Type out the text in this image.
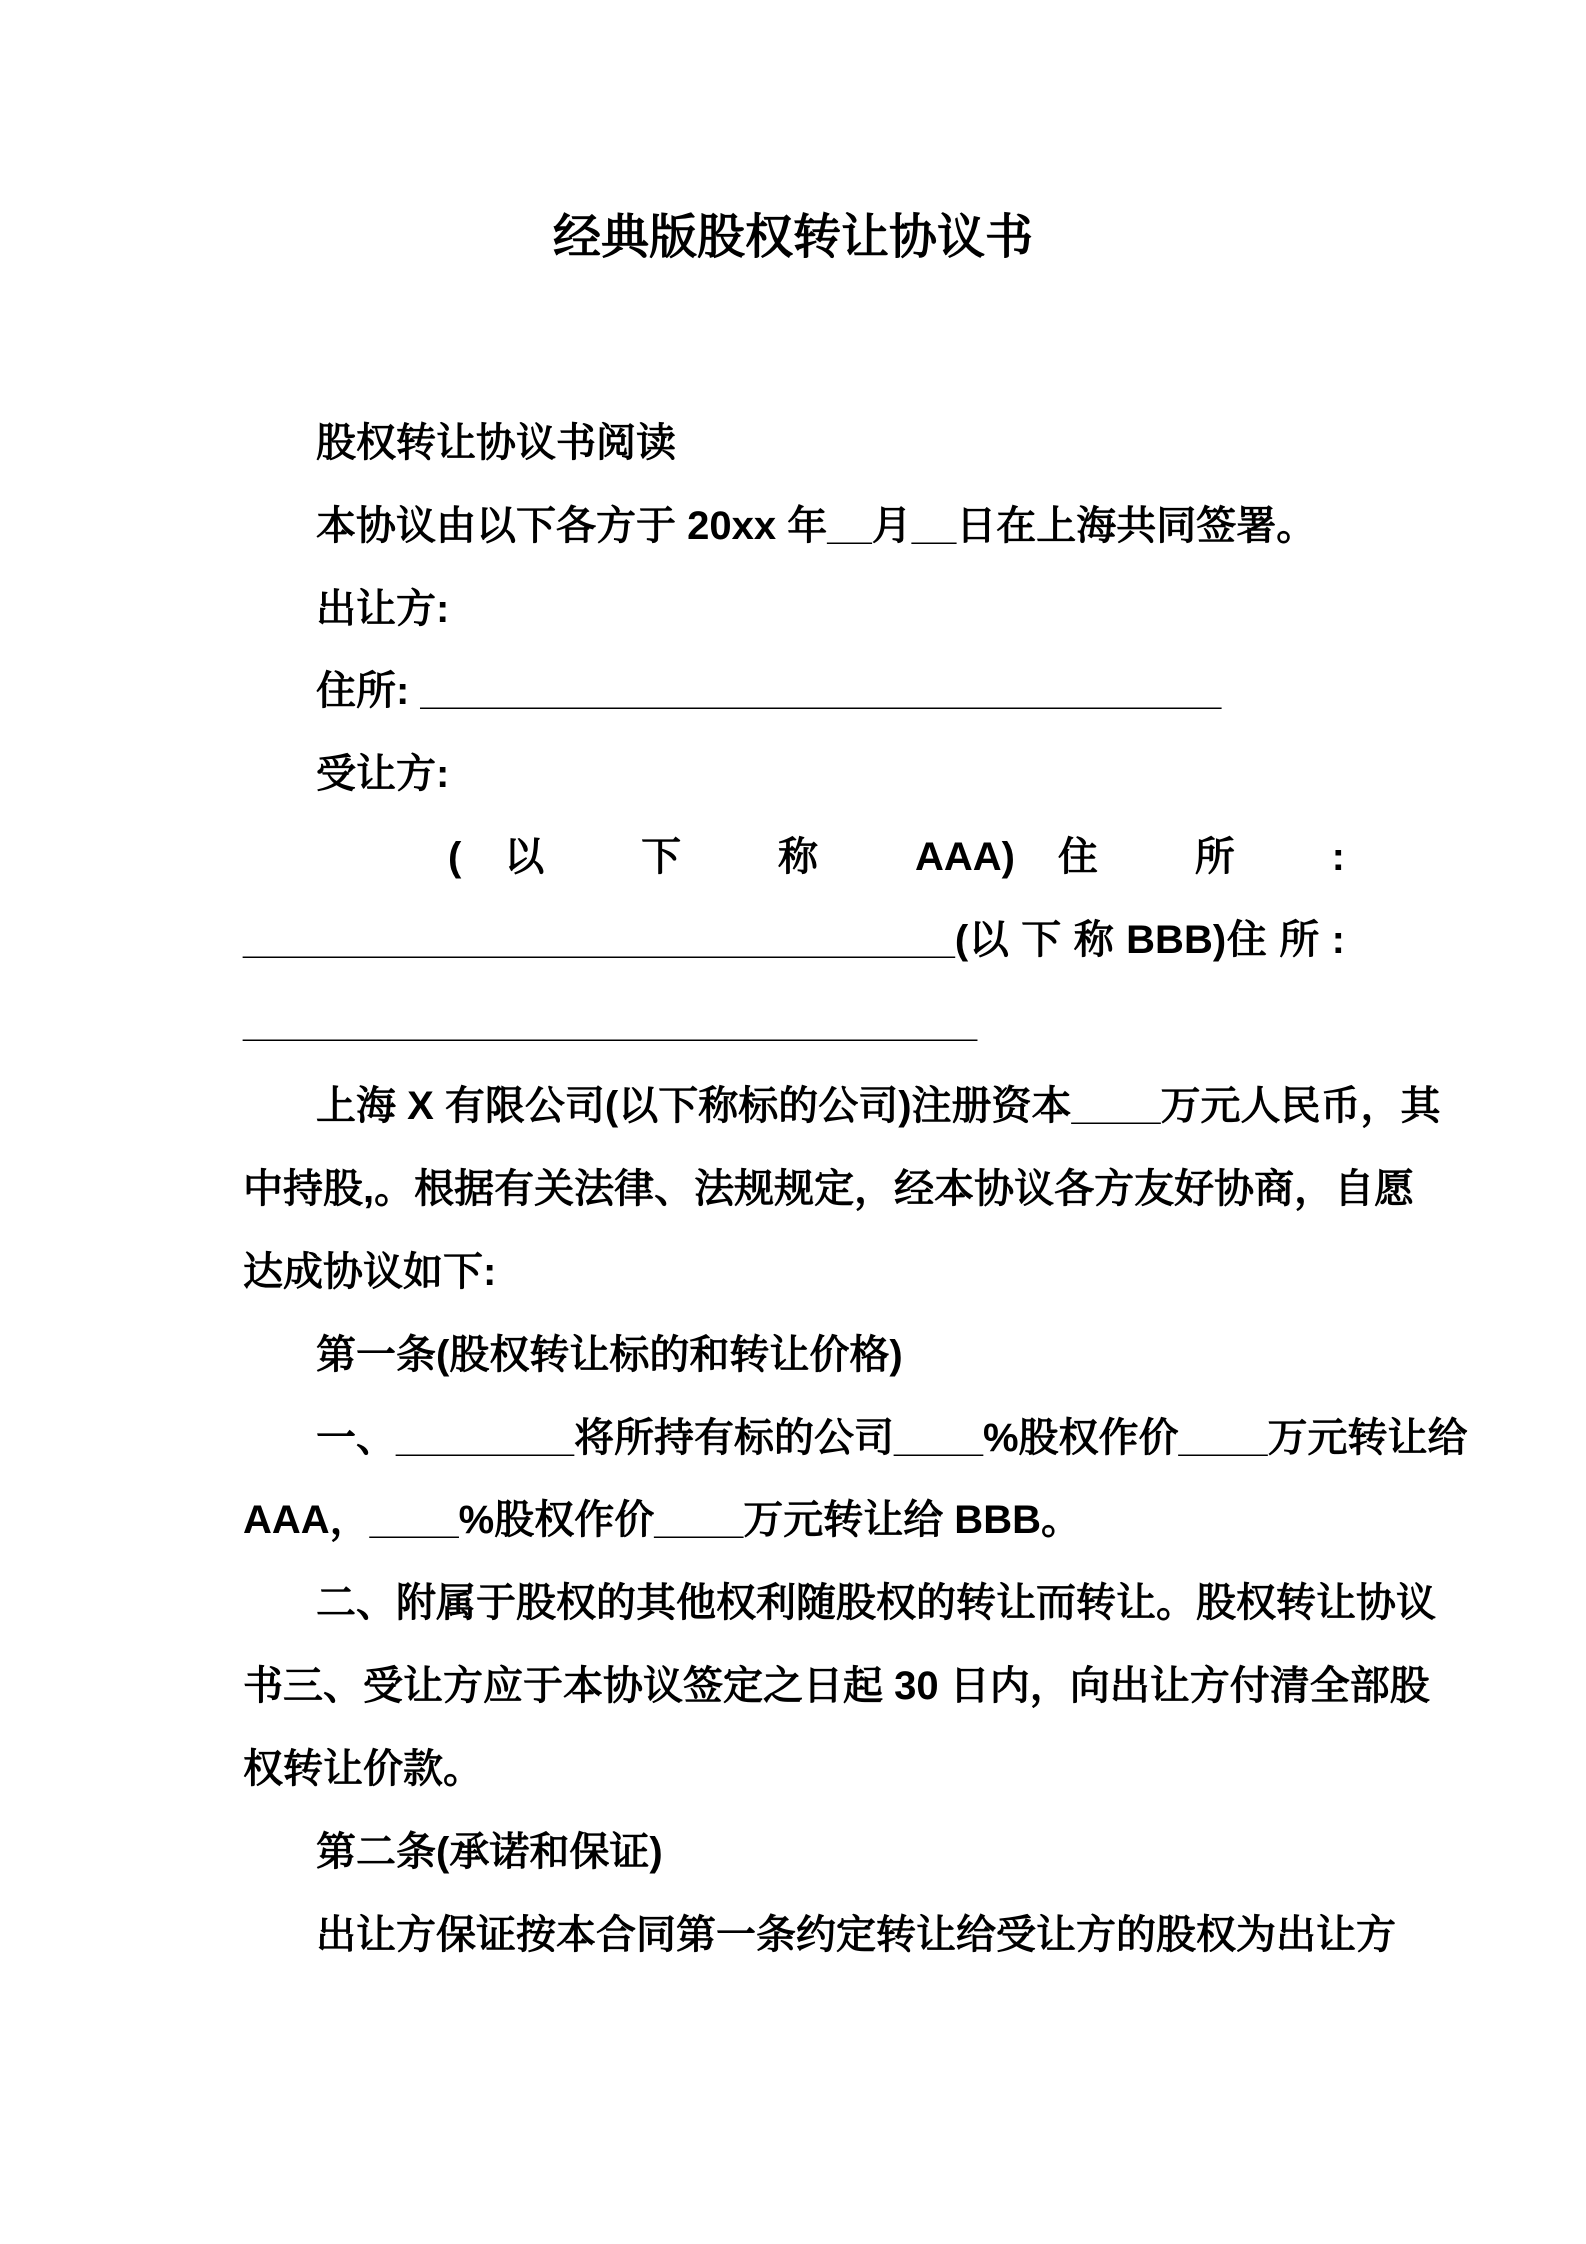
经典版股权转让协议书
股权转让协议书阅读
本协议由以下各方于 20xx 年__月__日在上海共同签署。
出让方:
住所: ____________________________________
受让方:
(以 下 称 AAA)住 所 :
________________________________(以 下 称 BBB)住 所 :
_________________________________
上海 X 有限公司(以下称标的公司)注册资本____万元人民币，其
中持股,。根据有关法律、法规规定，经本协议各方友好协商，自愿
达成协议如下:
第一条(股权转让标的和转让价格)
一、________将所持有标的公司____%股权作价____万元转让给
AAA，____%股权作价____万元转让给 BBB。
二、附属于股权的其他权利随股权的转让而转让。股权转让协议
书三、受让方应于本协议签定之日起 30 日内，向出让方付清全部股
权转让价款。
第二条(承诺和保证)
出让方保证按本合同第一条约定转让给受让方的股权为出让方
